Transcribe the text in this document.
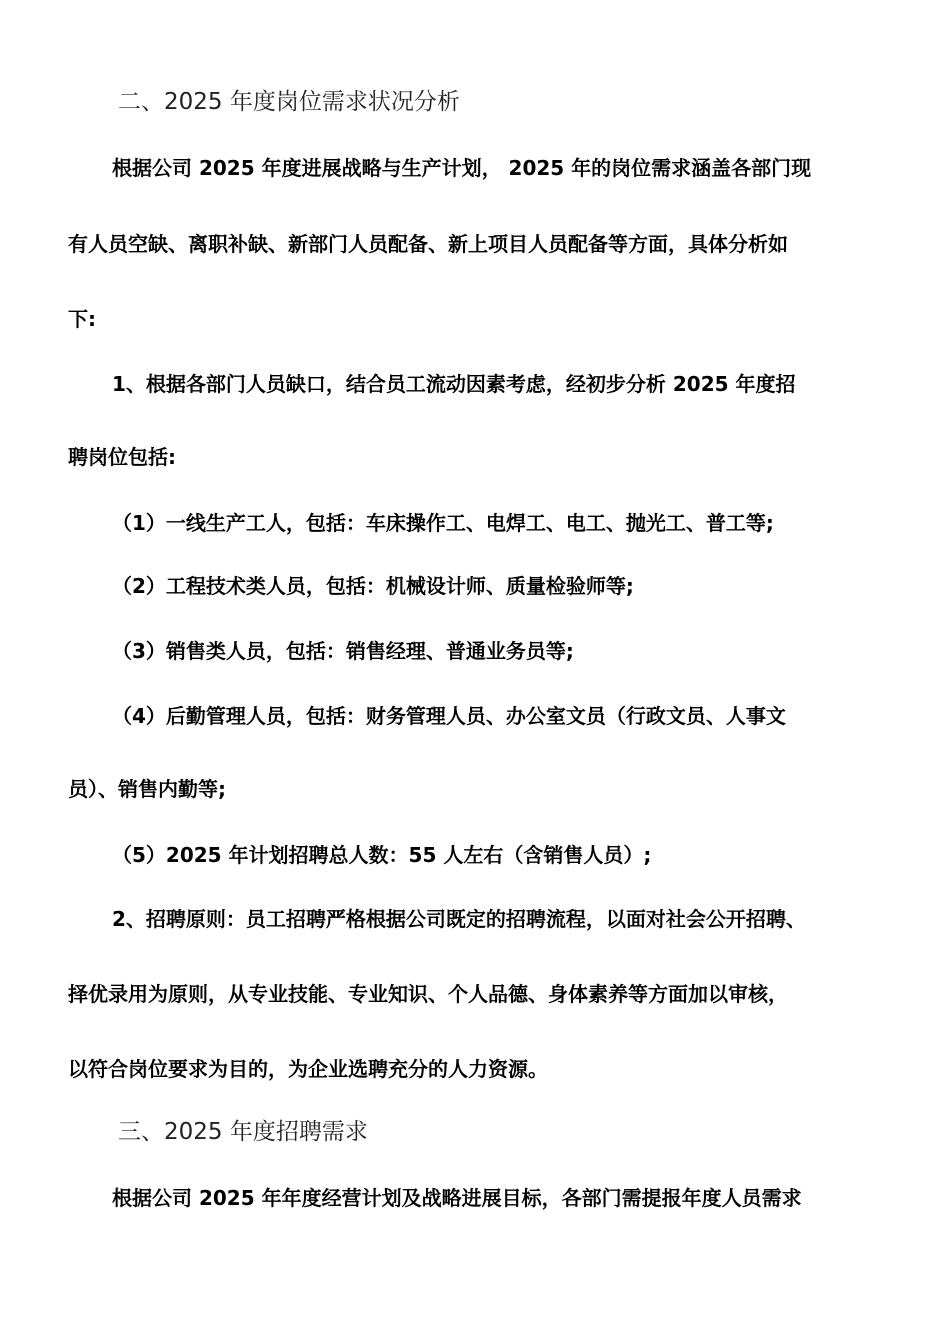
二、2025 年度岗位需求状况分析
根据公司 2025 年度进展战略与生产计划， 2025 年的岗位需求涵盖各部门现
有人员空缺、离职补缺、新部门人员配备、新上项目人员配备等方面，具体分析如
下:
1、根据各部门人员缺口，结合员工流动因素考虑，经初步分析 2025 年度招
聘岗位包括:
（1）一线生产工人，包括：车床操作工、电焊工、电工、抛光工、普工等;
（2）工程技术类人员，包括：机械设计师、质量检验师等;
（3）销售类人员，包括：销售经理、普通业务员等;
（4）后勤管理人员，包括：财务管理人员、办公室文员（行政文员、人事文
员）、销售内勤等;
（5）2025 年计划招聘总人数：55 人左右（含销售人员）;
2、招聘原则：员工招聘严格根据公司既定的招聘流程，以面对社会公开招聘、
择优录用为原则，从专业技能、专业知识、个人品德、身体素养等方面加以审核，
以符合岗位要求为目的，为企业选聘充分的人力资源。
三、2025 年度招聘需求
根据公司 2025 年年度经营计划及战略进展目标，各部门需提报年度人员需求
